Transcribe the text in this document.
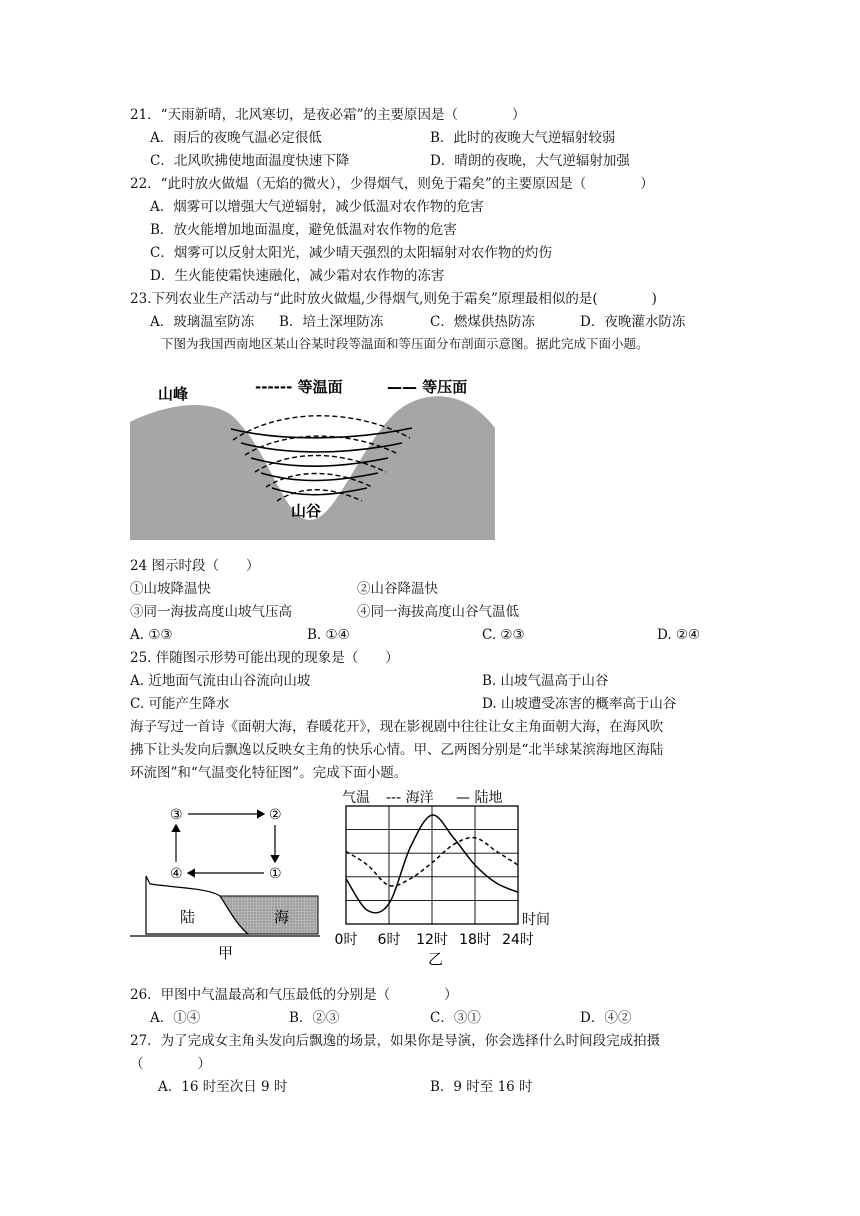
21．“天雨新晴，北风寒切，是夜必霜”的主要原因是（　　　　）
A．雨后的夜晚气温必定很低	B．此时的夜晚大气逆辐射较弱
C．北风吹拂使地面温度快速下降	D．晴朗的夜晚，大气逆辐射加强
22．“此时放火做煴（无焰的微火），少得烟气，则免于霜矣”的主要原因是（　　　　）
A．烟雾可以增强大气逆辐射，减少低温对农作物的危害
B．放火能增加地面温度，避免低温对农作物的危害
C．烟雾可以反射太阳光，减少晴天强烈的太阳辐射对农作物的灼伤
D．生火能使霜快速融化，减少霜对农作物的冻害
23.下列农业生产活动与“此时放火做煴,少得烟气,则免于霜矣”原理最相似的是(　　　　)
A．玻璃温室防冻 B．培土深埋防冻	C．燃煤供热防冻	D．夜晚灌水防冻
下图为我国西南地区某山谷某时段等温面和等压面分布剖面示意图。据此完成下面小题。
山峰	------ 等温面	—— 等压面
山谷
24 图示时段（　　）
①山坡降温快	②山谷降温快
③同一海拔高度山坡气压高	④同一海拔高度山谷气温低
A. ①③	B. ①④	C. ②③	D. ②④
25. 伴随图示形势可能出现的现象是（　　）
A. 近地面气流由山谷流向山坡	B. 山坡气温高于山谷
C. 可能产生降水	D. 山坡遭受冻害的概率高于山谷
海子写过一首诗《面朝大海，春暖花开》，现在影视剧中往往让女主角面朝大海，在海风吹
拂下让头发向后飘逸以反映女主角的快乐心情。甲、乙两图分别是“北半球某滨海地区海陆
环流图”和“气温变化特征图”。完成下面小题。
③	②
④	①
陆	海
甲
气温 --- 海洋 — 陆地
时间
0时 6时 12时 18时 24时
乙
26．甲图中气温最高和气压最低的分别是（　　　　）
A．①④	B．②③	C．③①	D．④②
27．为了完成女主角头发向后飘逸的场景，如果你是导演，你会选择什么时间段完成拍摄
（　　　　）
A．16 时至次日 9 时	B．9 时至 16 时
